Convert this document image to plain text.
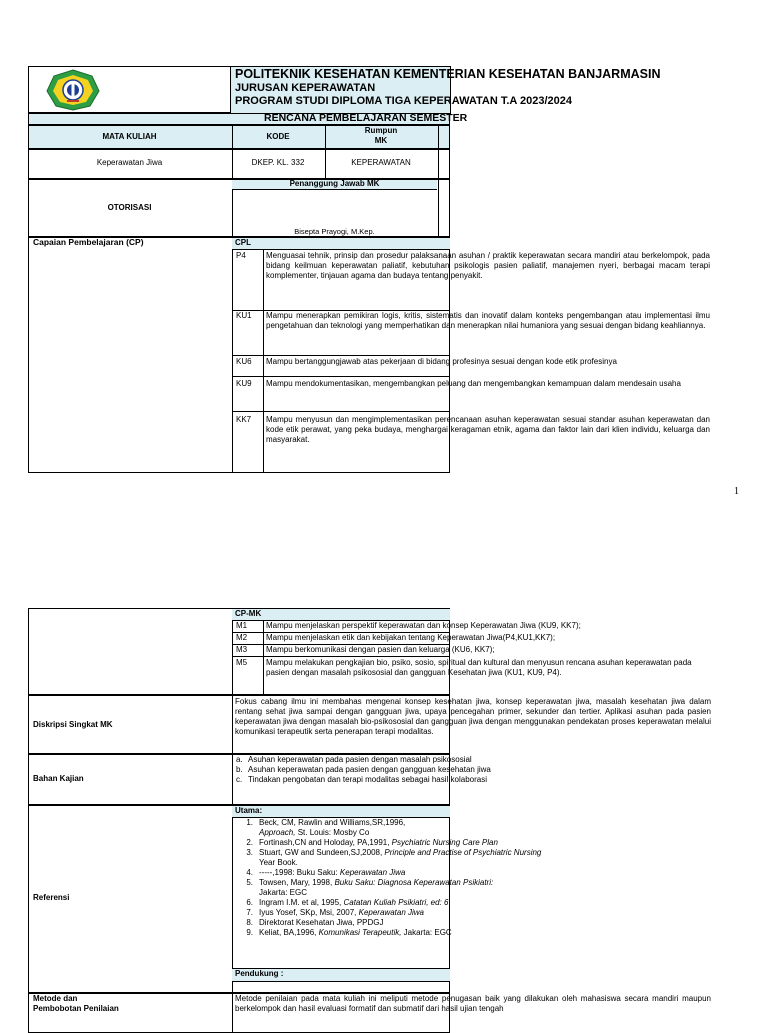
POLITEKNIK KESEHATAN KEMENTERIAN KESEHATAN BANJARMASIN
JURUSAN KEPERAWATAN
PROGRAM STUDI DIPLOMA TIGA KEPERAWATAN T.A 2023/2024
RENCANA PEMBELAJARAN SEMESTER
MATA KULIAH	KODE
Rumpun
MK
Keperawatan Jiwa	DKEP. KL. 332	KEPERAWATAN
Penanggung Jawab MK
OTORISASI
Bisepta Prayogi, M.Kep.
Capaian Pembelajaran (CP)	CPL
P4	Menguasai tehnik, prinsip dan prosedur palaksanaan asuhan / praktik keperawatan secara mandiri atau berkelompok, pada bidang keilmuan keperawatan paliatif, kebutuhan psikologis pasien paliatif, manajemen nyeri, berbagai macam terapi komplementer, tinjauan agama dan budaya tentang penyakit.
KU1 Mampu menerapkan pemikiran logis, kritis, sistematis dan inovatif dalam konteks pengembangan atau implementasi ilmu pengetahuan dan teknologi yang memperhatikan dan menerapkan nilai humaniora yang sesuai dengan bidang keahliannya.
KU6 Mampu bertanggungjawab atas pekerjaan di bidang profesinya sesuai dengan kode etik profesinya
KU9 Mampu mendokumentasikan, mengembangkan peluang dan mengembangkan kemampuan dalam mendesain usaha
KK7 Mampu menyusun dan mengimplementasikan perencanaan asuhan keperawatan sesuai standar asuhan keperawatan dan kode etik perawat, yang peka budaya, menghargai keragaman etnik, agama dan faktor lain dari klien individu, keluarga dan masyarakat.
1
CP-MK
M1 Mampu menjelaskan perspektif keperawatan dan konsep Keperawatan Jiwa (KU9, KK7);
M2 Mampu menjelaskan etik dan kebijakan tentang Keperawatan Jiwa(P4,KU1,KK7);
M3 Mampu berkomunikasi dengan pasien dan keluarga (KU6, KK7);
M5 Mampu melakukan pengkajian bio, psiko, sosio, spiritual dan kultural dan menyusun rencana asuhan keperawatan pada pasien dengan masalah psikososial dan gangguan Kesehatan jiwa (KU1, KU9, P4).
Diskripsi Singkat MK
Fokus cabang ilmu ini membahas mengenai konsep kesehatan jiwa, konsep keperawatan jiwa, masalah kesehatan jiwa dalam rentang sehat jiwa sampai dengan gangguan jiwa, upaya pencegahan primer, sekunder dan tertier. Aplikasi asuhan pada pasien keperawatan jiwa dengan masalah bio-psikososial dan gangguan jiwa dengan menggunakan pendekatan proses keperawatan melalui komunikasi terapeutik serta penerapan terapi modalitas.
Bahan Kajian
a. Asuhan keperawatan pada pasien dengan masalah psikososial
b. Asuhan keperawatan pada pasien dengan gangguan kesehatan jiwa
c. Tindakan pengobatan dan terapi modalitas sebagai hasil kolaborasi
Referensi
Utama:
1. Beck, CM, Rawlin and Williams,SR,1996,
Approach, St. Louis: Mosby Co
2. Fortinash,CN and Holoday, PA,1991, Psychiatric Nursing Care Plan
3. Stuart, GW and Sundeen,SJ,2008, Principle and Practise of Psychiatric Nursing
Year Book.
4. -----,1998: Buku Saku: Keperawatan Jiwa
5. Towsen, Mary, 1998, Buku Saku: Diagnosa Keperawatan Psikiatri:
Jakarta: EGC
6. Ingram I.M. et al, 1995, Catatan Kuliah Psikiatri, ed: 6
7. Iyus Yosef, SKp, Msi, 2007, Keperawatan Jiwa
8. Direktorat Kesehatan Jiwa, PPDGJ
9. Keliat, BA,1996, Komunikasi Terapeutik, Jakarta: EGC
Pendukung :
Metode dan
Pembobotan Penilaian
Metode penilaian pada mata kuliah ini meliputi metode penugasan baik yang dilakukan oleh mahasiswa secara mandiri maupun berkelompok dan hasil evaluasi formatif dan submatif dari hasil ujian tengah
